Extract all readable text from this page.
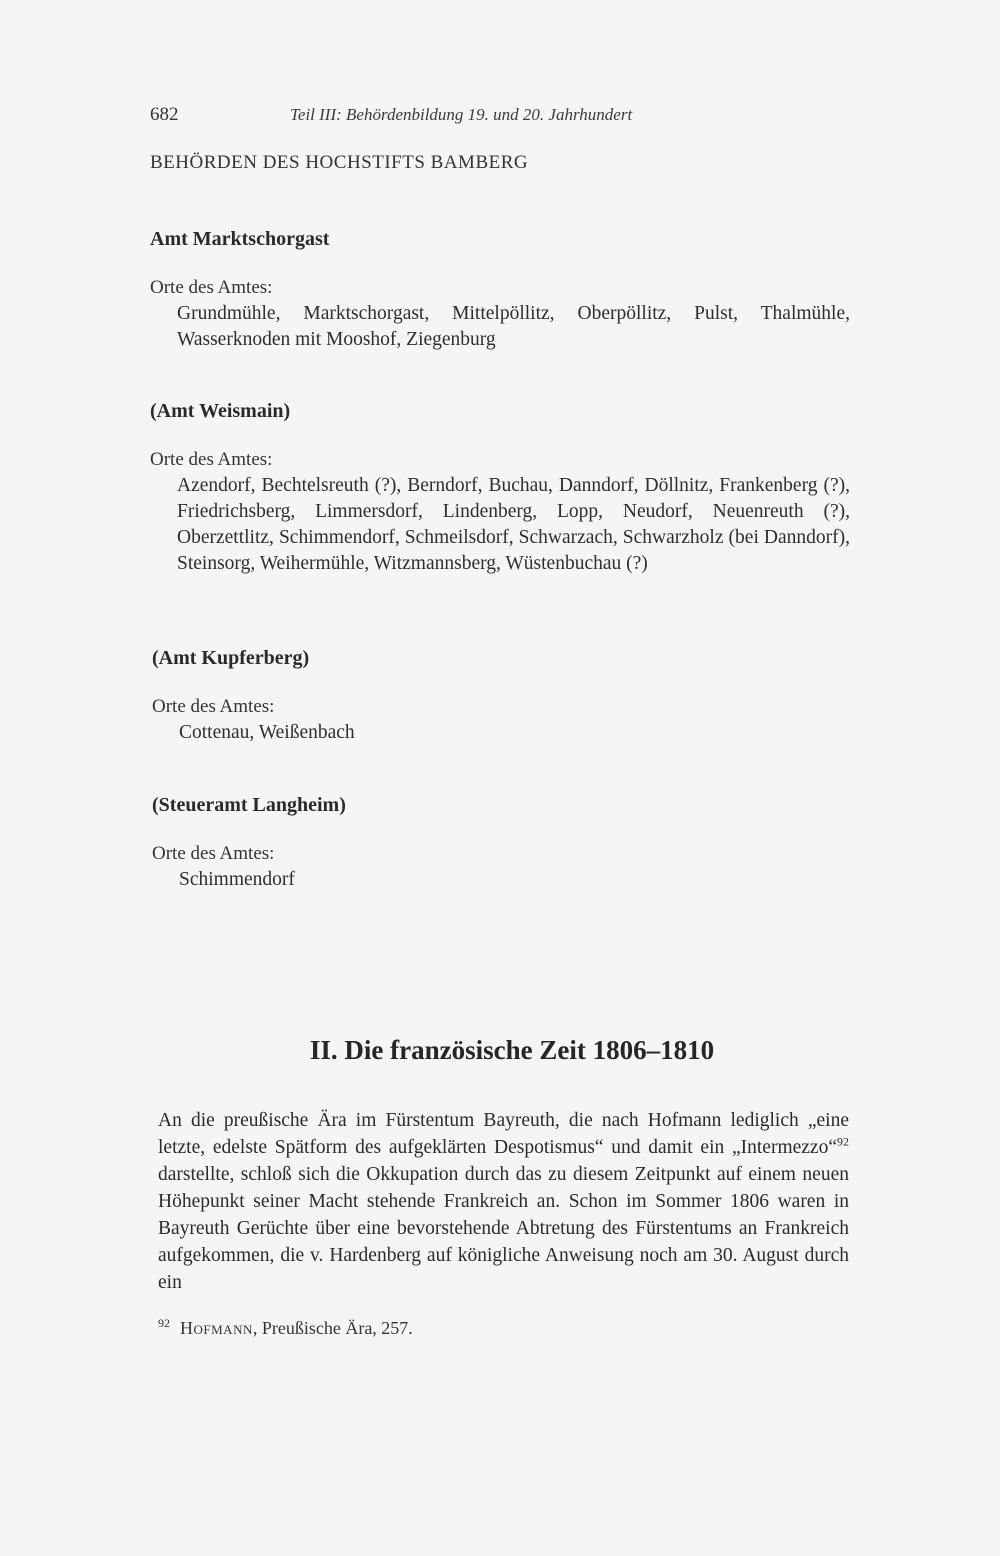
682	Teil III: Behördenbildung 19. und 20. Jahrhundert
BEHÖRDEN DES HOCHSTIFTS BAMBERG

Amt Marktschorgast

Orte des Amtes:

Grundmühle, Marktschorgast, Mittelpöllitz, Oberpöllitz, Pulst, Thalmühle, Wasserknoden mit Mooshof, Ziegenburg

(Amt Weismain)

Orte des Amtes:

Azendorf, Bechtelsreuth (?), Berndorf, Buchau, Danndorf, Döllnitz, Frankenberg (?), Friedrichsberg, Limmersdorf, Lindenberg, Lopp, Neudorf, Neuenreuth (?), Oberzettlitz, Schimmendorf, Schmeilsdorf, Schwarzach, Schwarzholz (bei Danndorf), Steinsorg, Weihermühle, Witzmannsberg, Wüstenbuchau (?)

(Amt Kupferberg)

Orte des Amtes:

Cottenau, Weißenbach

(Steueramt Langheim)

Orte des Amtes:

Schimmendorf

II. Die französische Zeit 1806–1810

An die preußische Ära im Fürstentum Bayreuth, die nach Hofmann lediglich „eine letzte, edelste Spätform des aufgeklärten Despotismus“ und damit ein „Intermezzo“$^{92}$ darstellte, schloß sich die Okkupation durch das zu diesem Zeitpunkt auf einem neuen Höhepunkt seiner Macht stehende Frankreich an. Schon im Sommer 1806 waren in Bayreuth Gerüchte über eine bevorstehende Abtretung des Fürstentums an Frankreich aufgekommen, die v. Hardenberg auf königliche Anweisung noch am 30. August durch ein

$^{92}$ Hofmann, Preußische Ära, 257.
